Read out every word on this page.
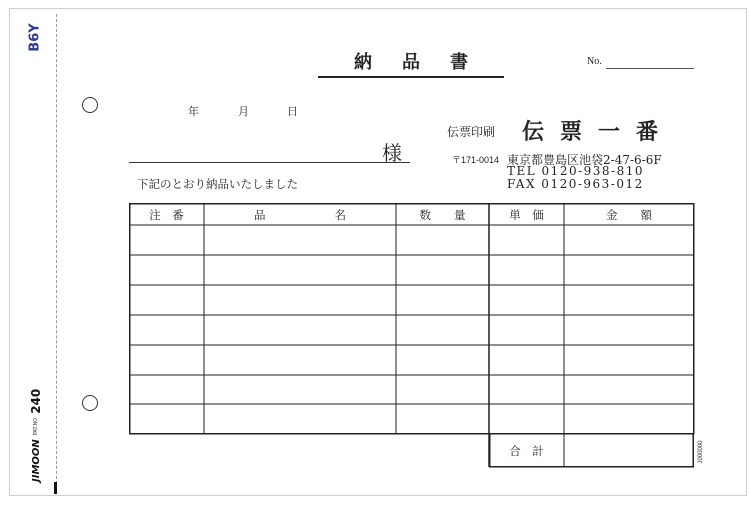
B6Y
JIMOON
PAT.NO
240
納品書	No.
年	月	日
様
下記のとおり納品いたしました
伝票印刷 伝票一番
〒171-0014 東京都豊島区池袋2-47-6-6F
TEL 0120-938-810
FAX 0120-963-012
注　番	品　　　　　　名	数　　量	単　価	金　　額
合　計	J000000
